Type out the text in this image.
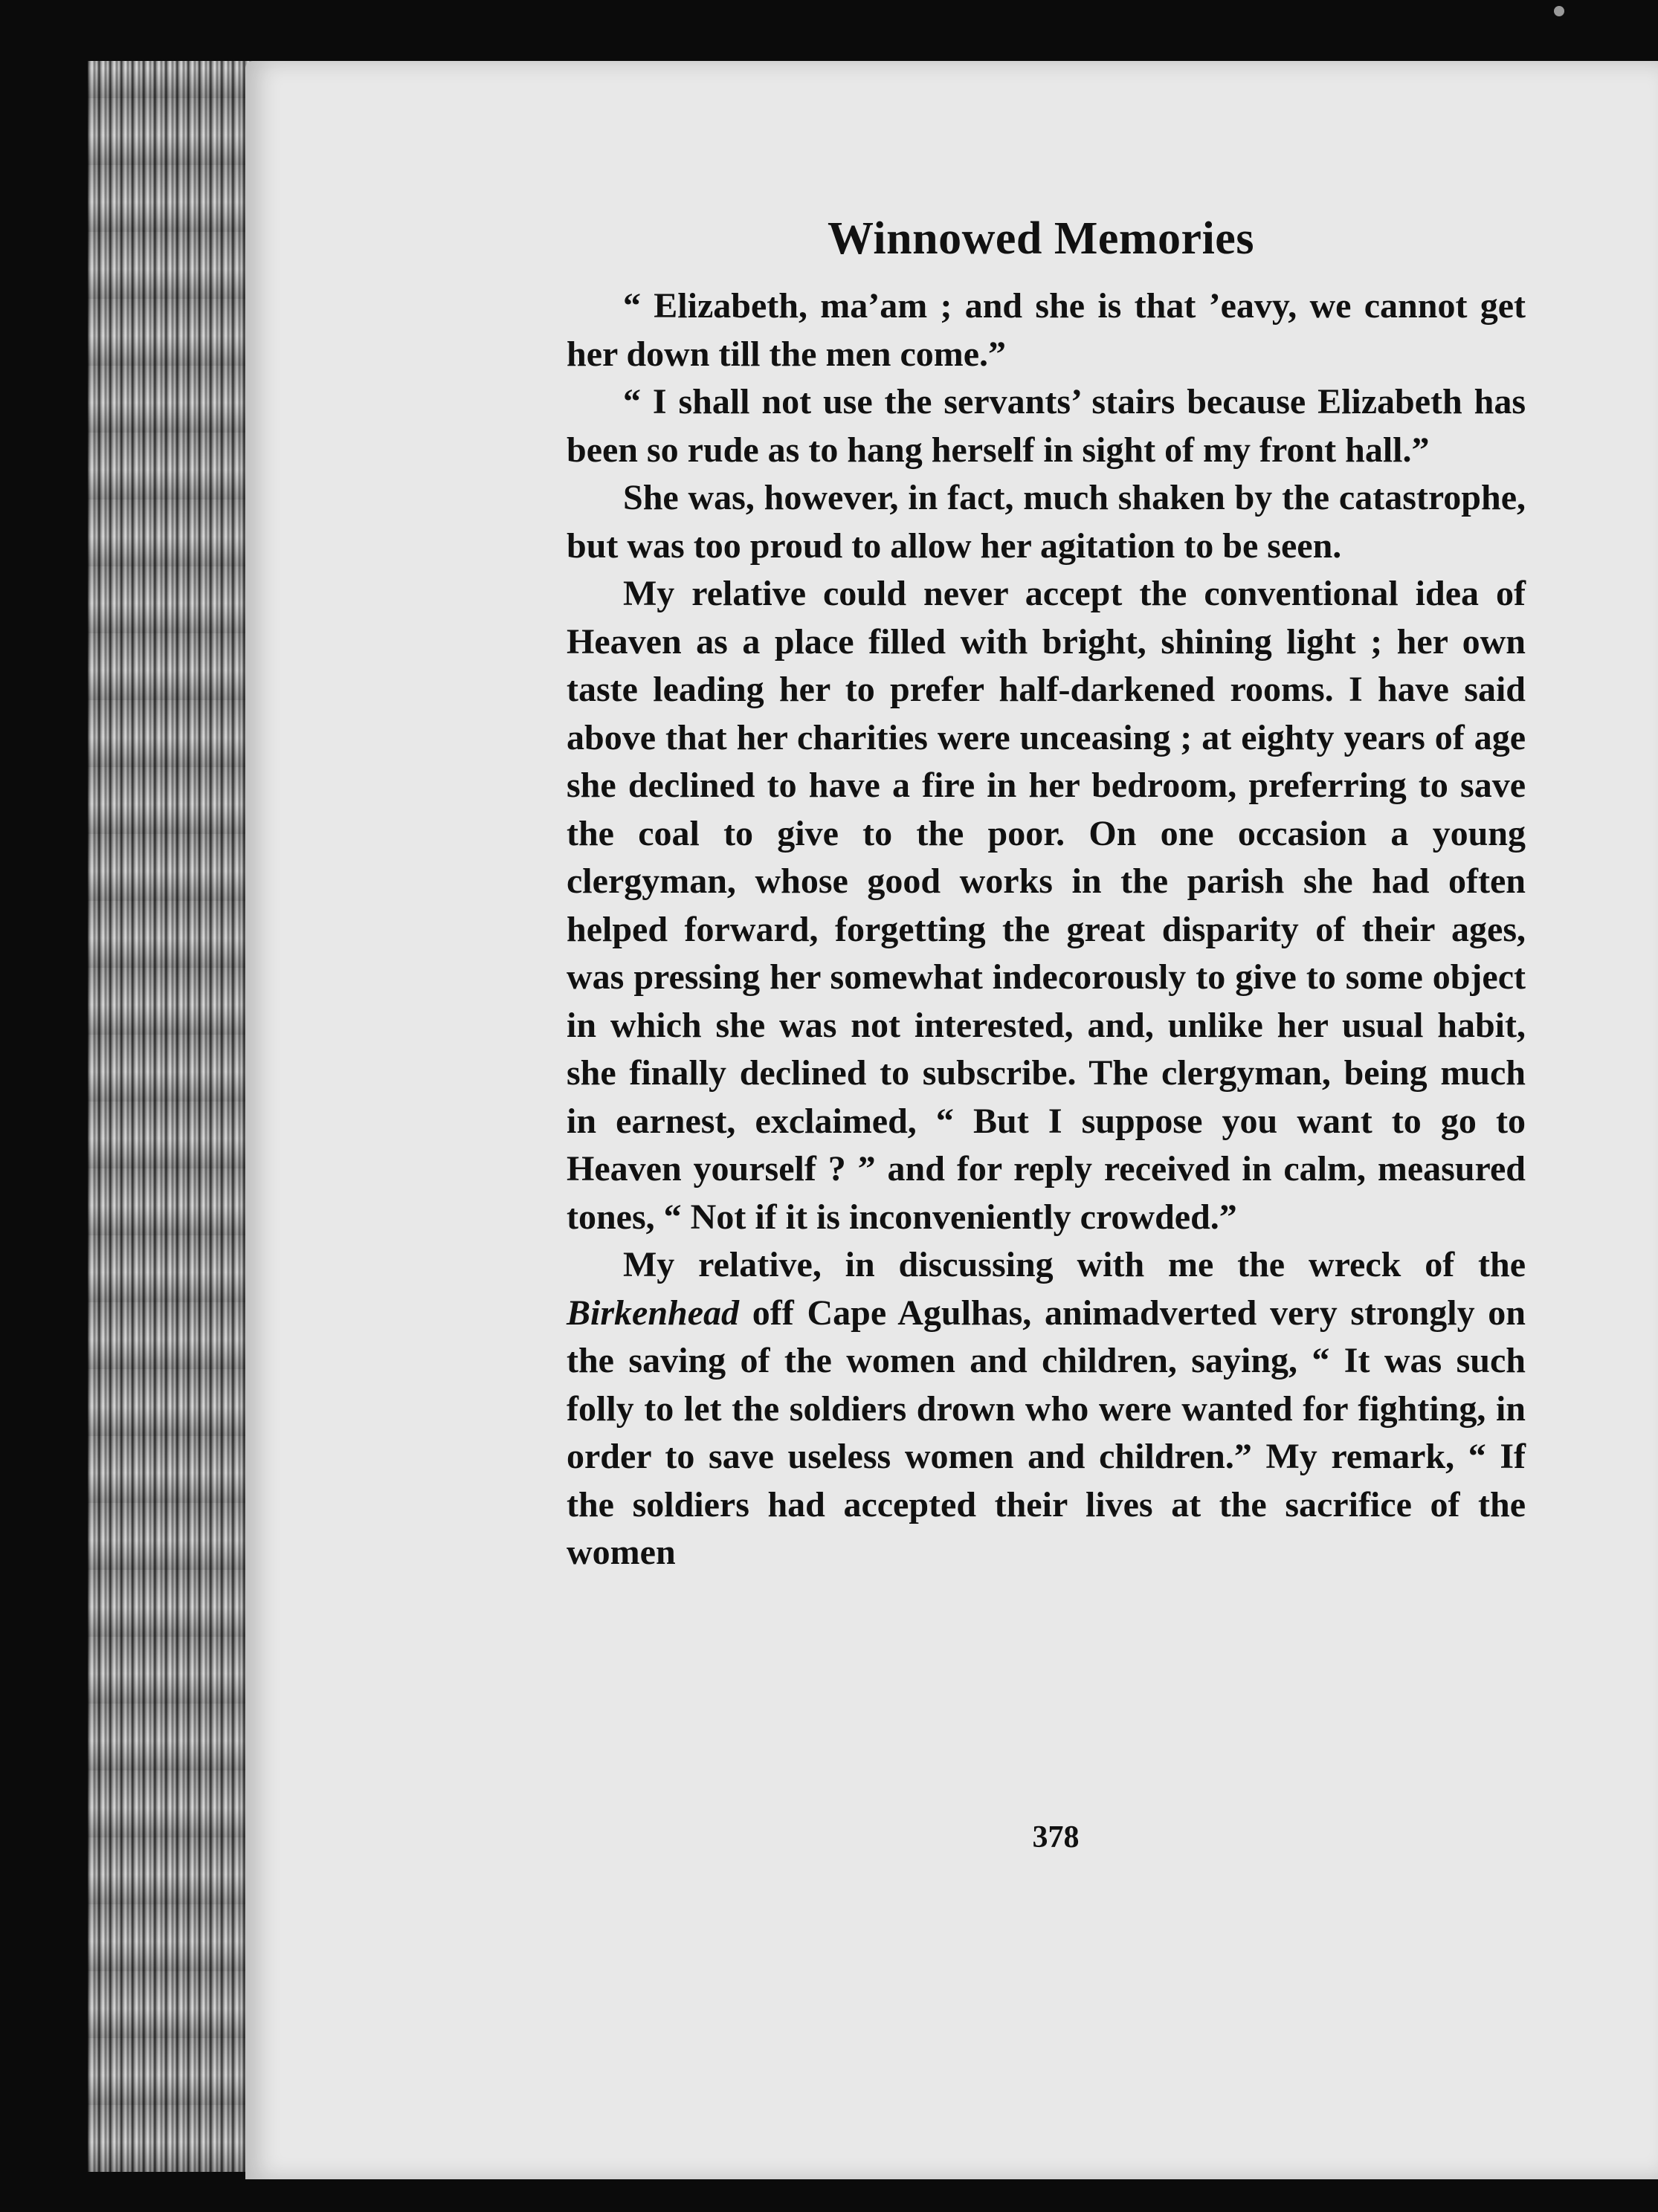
Winnowed Memories

“ Elizabeth, ma’am ; and she is that ’eavy, we cannot get her down till the men come.”

“ I shall not use the servants’ stairs because Elizabeth has been so rude as to hang herself in sight of my front hall.”

She was, however, in fact, much shaken by the catastrophe, but was too proud to allow her agitation to be seen.

My relative could never accept the conventional idea of Heaven as a place filled with bright, shining light ; her own taste leading her to prefer half-darkened rooms. I have said above that her charities were unceasing ; at eighty years of age she declined to have a fire in her bedroom, preferring to save the coal to give to the poor. On one occasion a young clergyman, whose good works in the parish she had often helped forward, forgetting the great disparity of their ages, was pressing her somewhat indecorously to give to some object in which she was not interested, and, unlike her usual habit, she finally declined to subscribe. The clergyman, being much in earnest, exclaimed, “ But I suppose you want to go to Heaven yourself ? ” and for reply received in calm, measured tones, “ Not if it is inconveniently crowded.”

My relative, in discussing with me the wreck of the Birkenhead off Cape Agulhas, animadverted very strongly on the saving of the women and children, saying, “ It was such folly to let the soldiers drown who were wanted for fighting, in order to save useless women and children.” My remark, “ If the soldiers had accepted their lives at the sacrifice of the women

378
